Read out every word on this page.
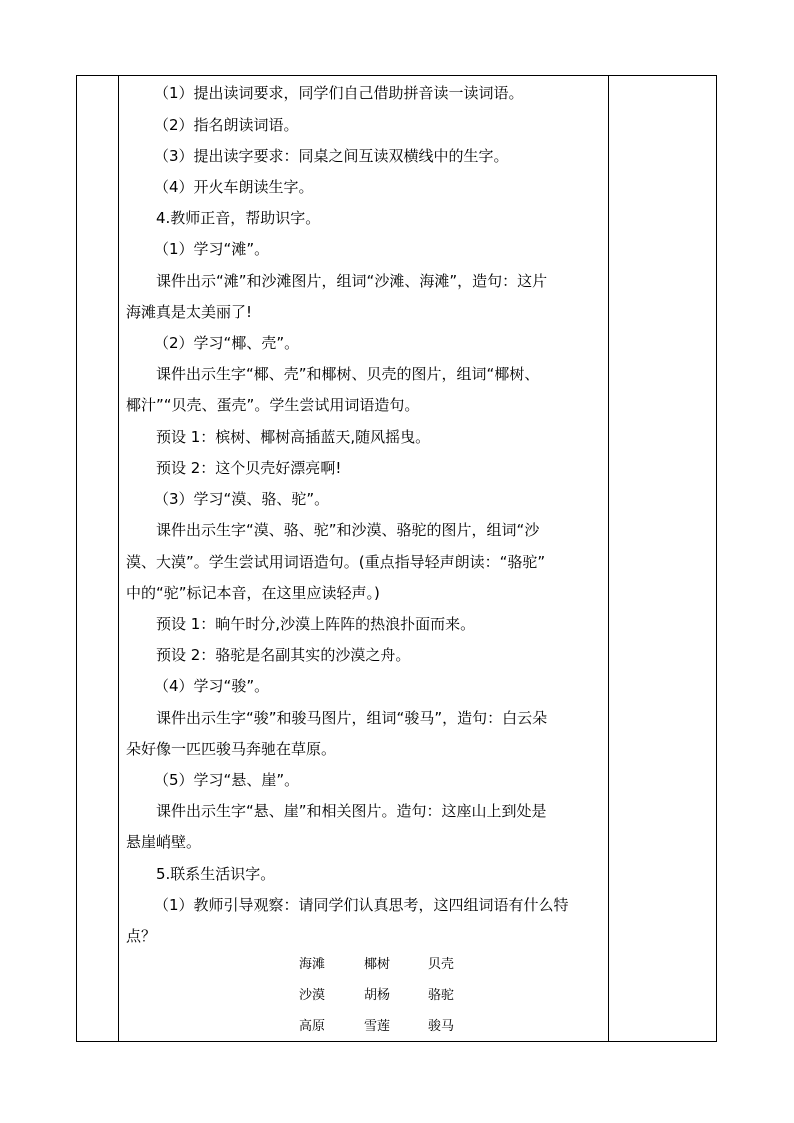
（1）提出读词要求，同学们自己借助拼音读一读词语。
（2）指名朗读词语。
（3）提出读字要求：同桌之间互读双横线中的生字。
（4）开火车朗读生字。
4.教师正音，帮助识字。
（1）学习“滩”。
课件出示“滩”和沙滩图片，组词“沙滩、海滩”，造句：这片
海滩真是太美丽了!
（2）学习“椰、壳”。
课件出示生字“椰、壳”和椰树、贝壳的图片，组词“椰树、
椰汁”“贝壳、蛋壳”。学生尝试用词语造句。
预设 1：槟树、椰树高插蓝天,随风摇曳。
预设 2：这个贝壳好漂亮啊!
（3）学习“漠、骆、驼”。
课件出示生字“漠、骆、驼”和沙漠、骆驼的图片，组词“沙
漠、大漠”。学生尝试用词语造句。(重点指导轻声朗读：“骆驼”
中的“驼”标记本音，在这里应读轻声。)
预设 1：晌午时分,沙漠上阵阵的热浪扑面而来。
预设 2：骆驼是名副其实的沙漠之舟。
（4）学习“骏”。
课件出示生字“骏”和骏马图片，组词“骏马”，造句：白云朵
朵好像一匹匹骏马奔驰在草原。
（5）学习“悬、崖”。
课件出示生字“悬、崖”和相关图片。造句：这座山上到处是
悬崖峭壁。
5.联系生活识字。
（1）教师引导观察：请同学们认真思考，这四组词语有什么特
点？
海滩	椰树	贝壳
沙漠	胡杨	骆驼
高原	雪莲	骏马
